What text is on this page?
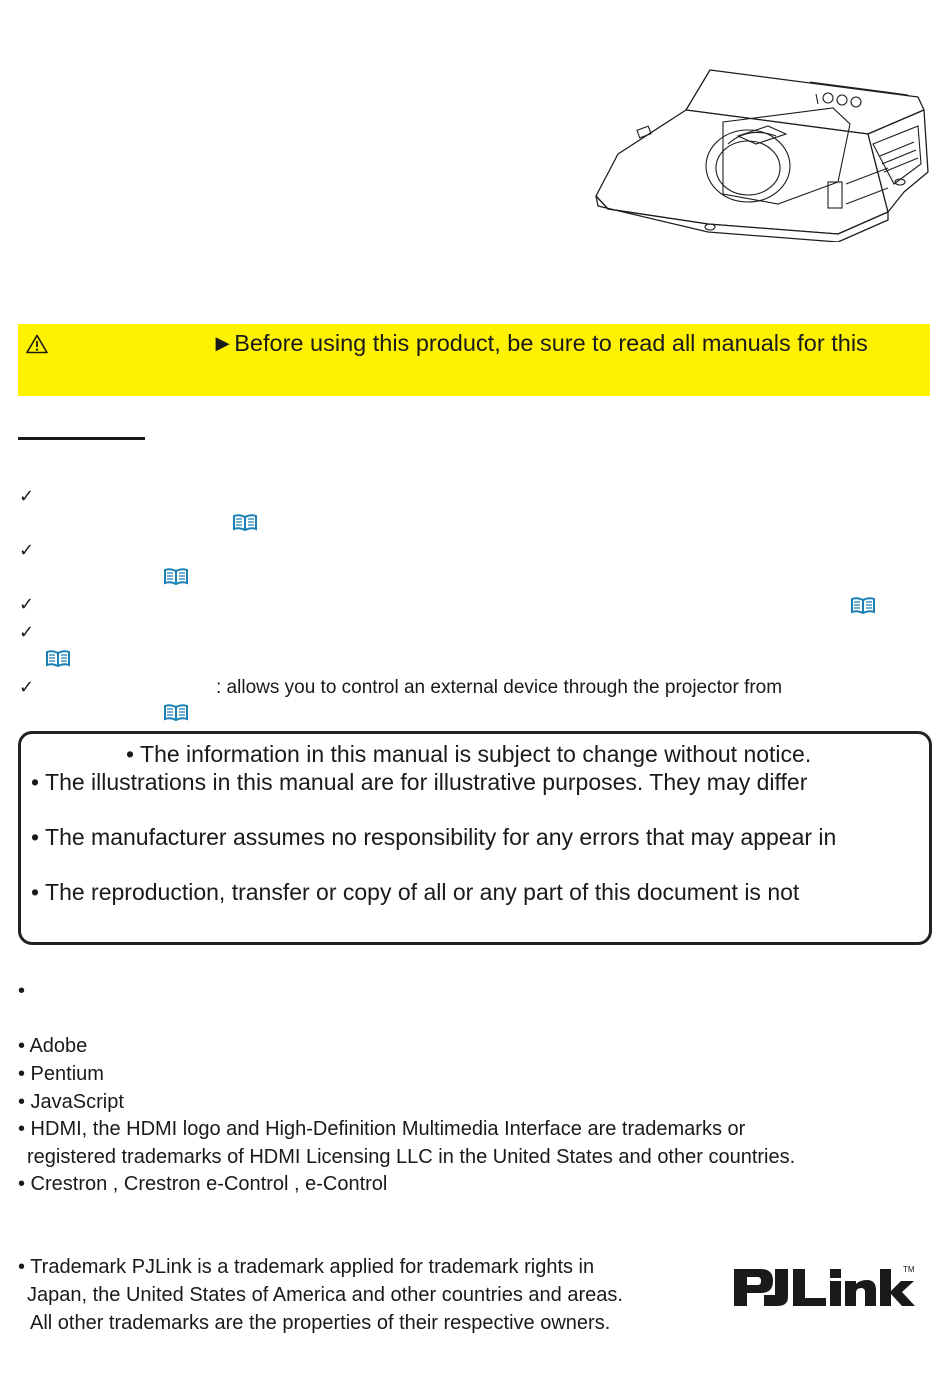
►Before using this product, be sure to read all manuals for this
✓
✓
✓
✓
✓	: allows you to control an external device through the projector from
• The information in this manual is subject to change without notice.
• The illustrations in this manual are for illustrative purposes. They may differ
• The manufacturer assumes no responsibility for any errors that may appear in
• The reproduction, transfer or copy of all or any part of this document is not
•
• Adobe
• Pentium
• JavaScript
• HDMI, the HDMI logo and High-Definition Multimedia Interface are trademarks or
registered trademarks of HDMI Licensing LLC in the United States and other countries.
• Crestron , Crestron e-Control , e-Control
• Trademark PJLink is a trademark applied for trademark rights in
Japan, the United States of America and other countries and areas.
All other trademarks are the properties of their respective owners.
TM
